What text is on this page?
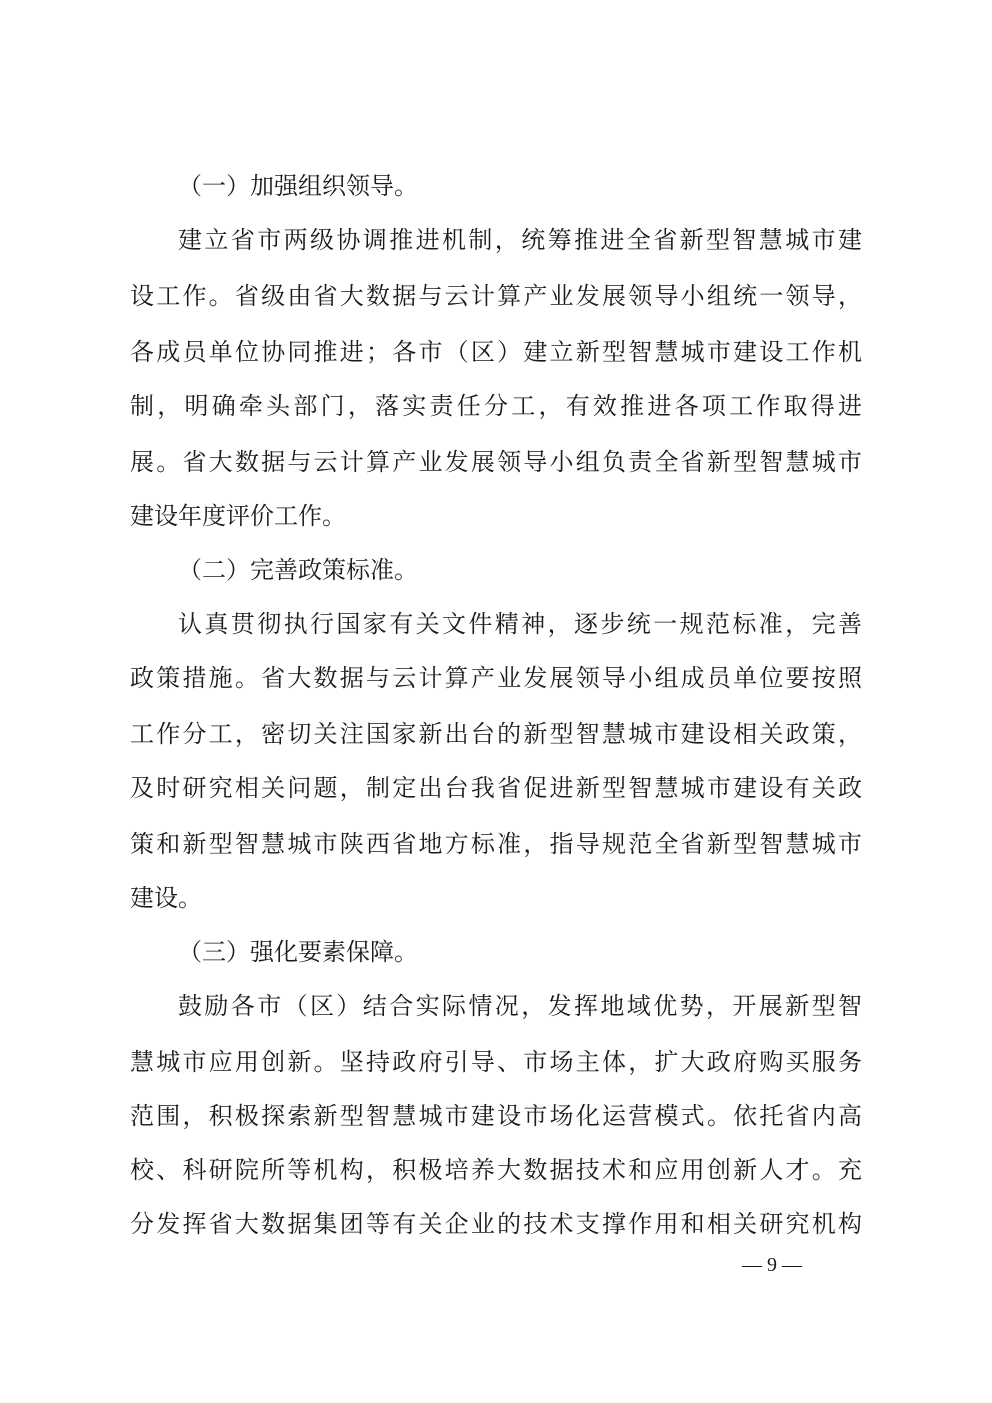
（一）加强组织领导。
建立省市两级协调推进机制，统筹推进全省新型智慧城市建
设工作。省级由省大数据与云计算产业发展领导小组统一领导，
各成员单位协同推进；各市（区）建立新型智慧城市建设工作机
制，明确牵头部门，落实责任分工，有效推进各项工作取得进
展。省大数据与云计算产业发展领导小组负责全省新型智慧城市
建设年度评价工作。
（二）完善政策标准。
认真贯彻执行国家有关文件精神，逐步统一规范标准，完善
政策措施。省大数据与云计算产业发展领导小组成员单位要按照
工作分工，密切关注国家新出台的新型智慧城市建设相关政策，
及时研究相关问题，制定出台我省促进新型智慧城市建设有关政
策和新型智慧城市陕西省地方标准，指导规范全省新型智慧城市
建设。
（三）强化要素保障。
鼓励各市（区）结合实际情况，发挥地域优势，开展新型智
慧城市应用创新。坚持政府引导、市场主体，扩大政府购买服务
范围，积极探索新型智慧城市建设市场化运营模式。依托省内高
校、科研院所等机构，积极培养大数据技术和应用创新人才。充
分发挥省大数据集团等有关企业的技术支撑作用和相关研究机构
— 9 —
